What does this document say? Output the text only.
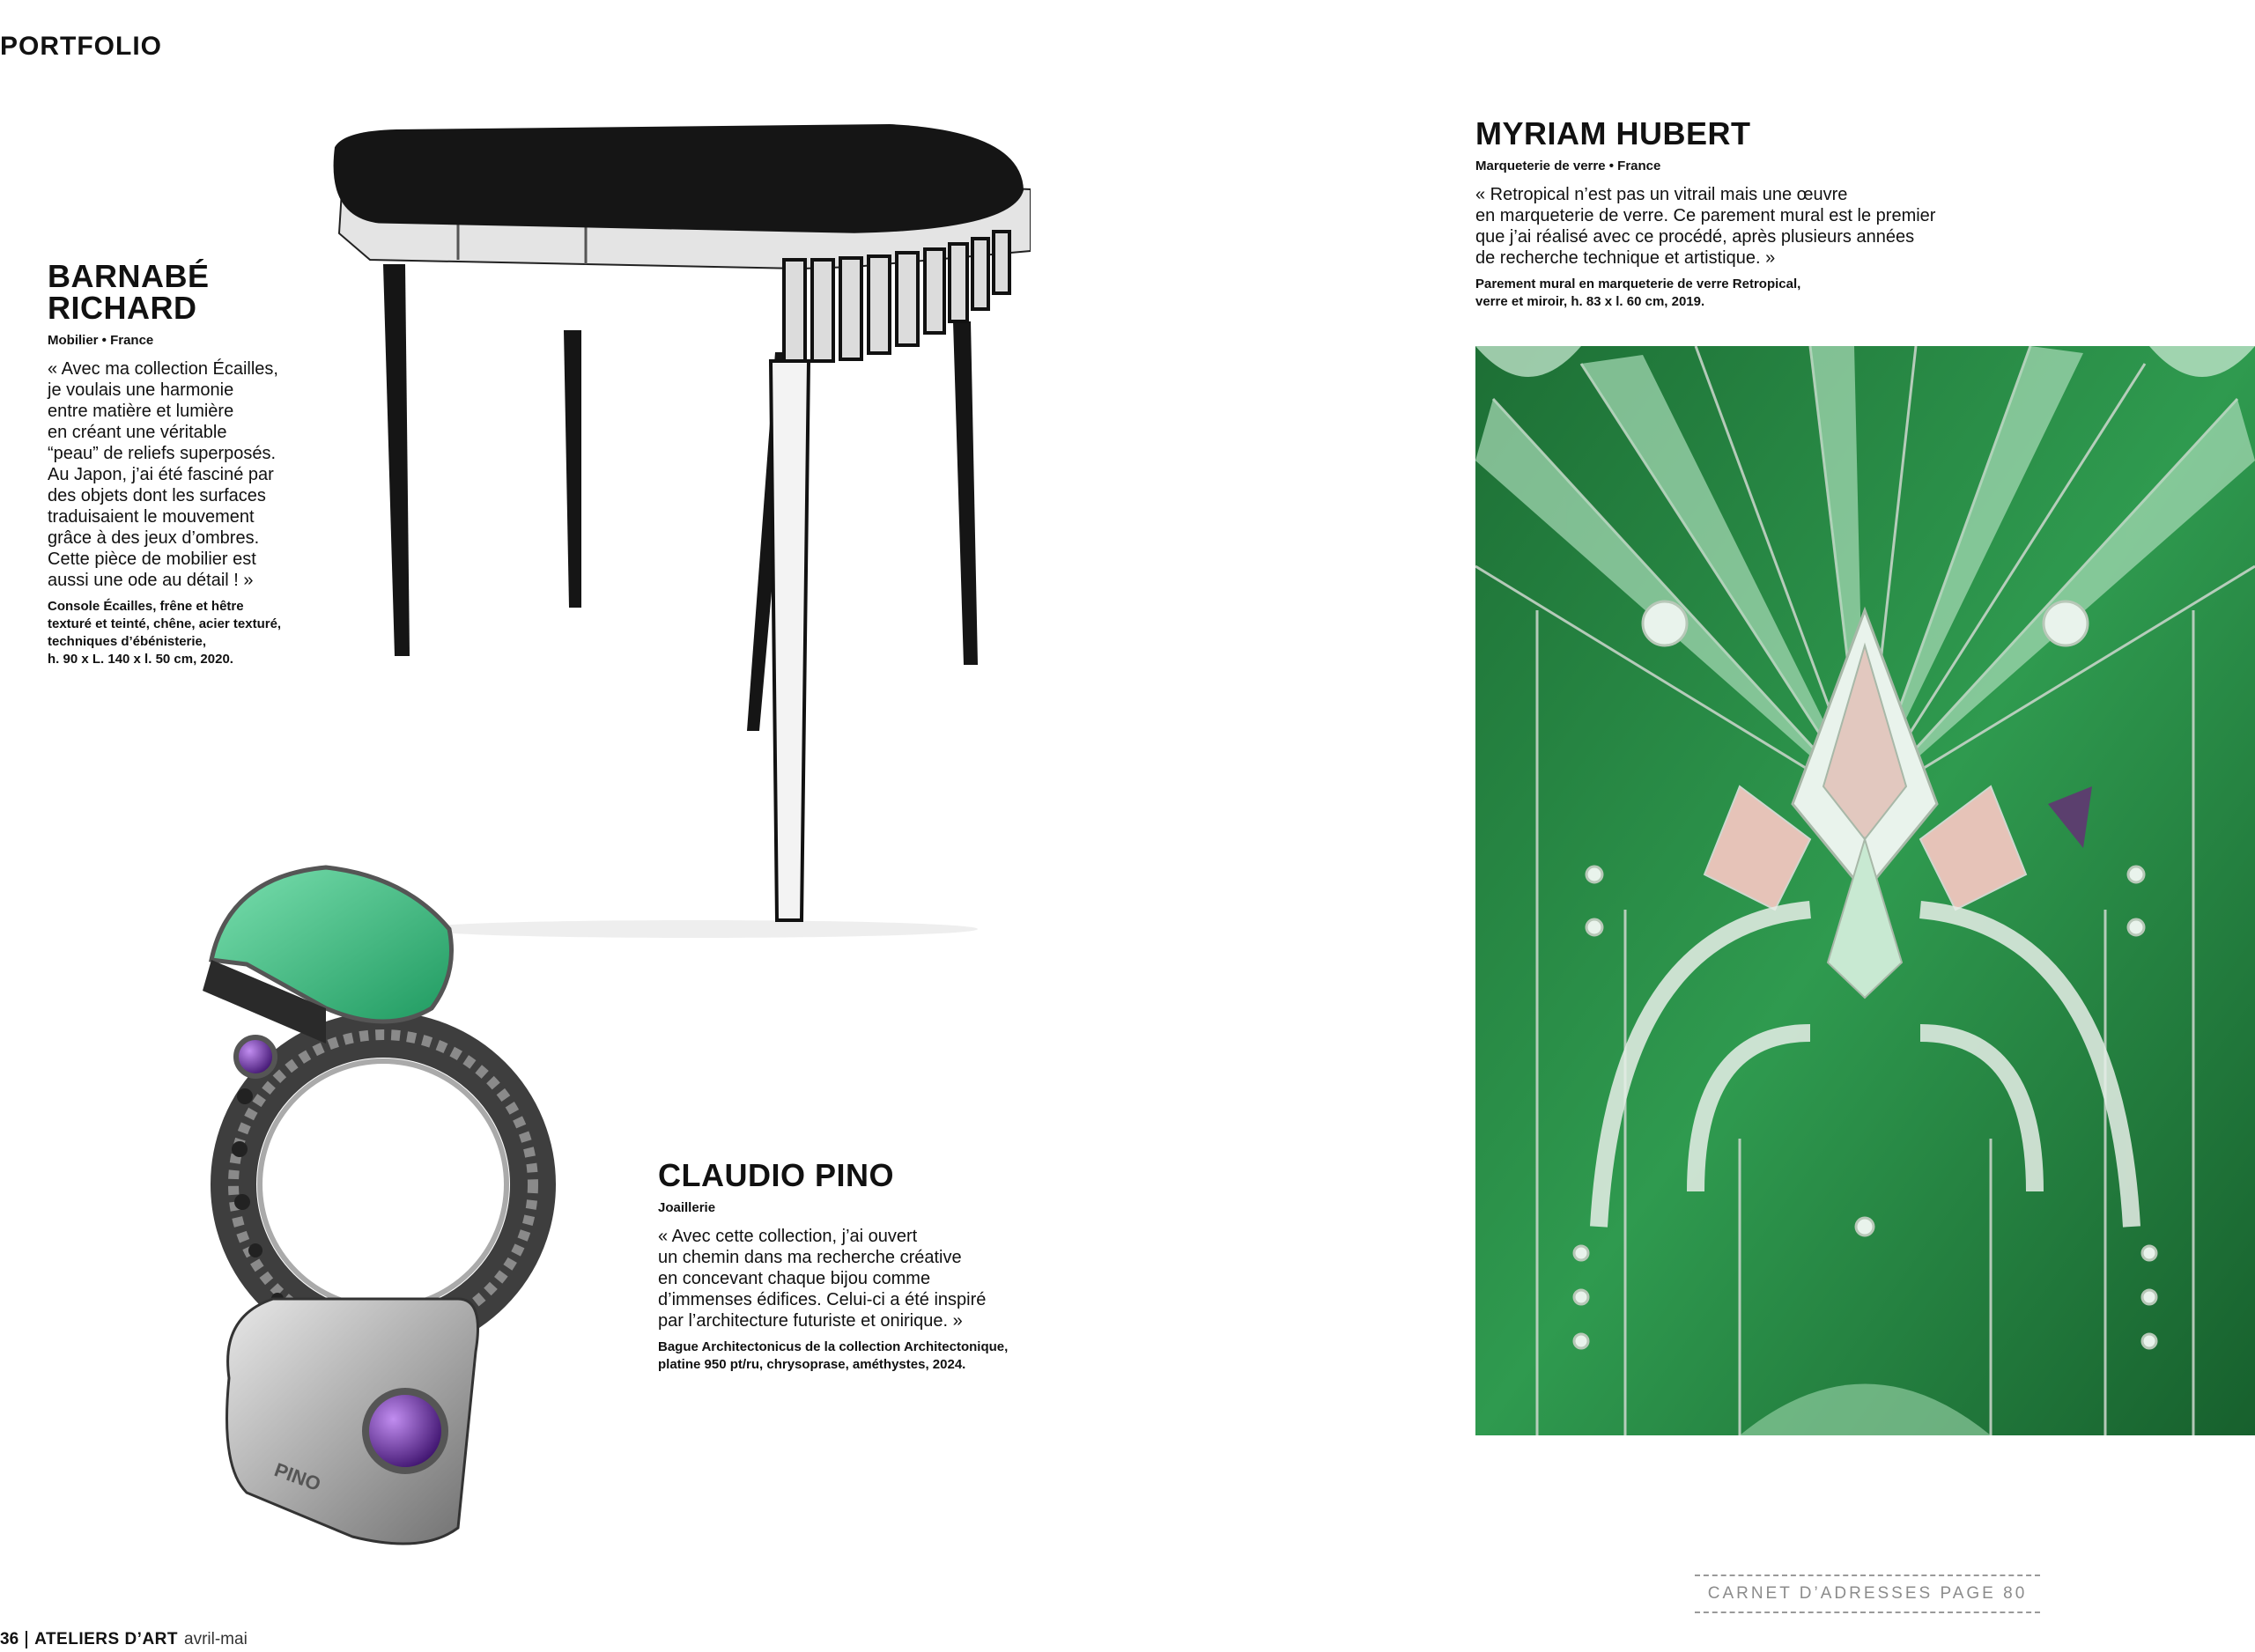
PORTFOLIO
BARNABÉ
RICHARD
Mobilier • France

« Avec ma collection Écailles,

je voulais une harmonie

entre matière et lumière

en créant une véritable

“peau” de reliefs superposés.

Au Japon, j’ai été fasciné par

des objets dont les surfaces

traduisaient le mouvement

grâce à des jeux d’ombres.

Cette pièce de mobilier est

aussi une ode au détail ! »

Console Écailles, frêne et hêtre

texturé et teinté, chêne, acier texturé,

techniques d’ébénisterie,

h. 90 x L. 140 x l. 50 cm, 2020.

MYRIAM HUBERT
Marqueterie de verre • France

« Retropical n’est pas un vitrail mais une œuvre

en marqueterie de verre. Ce parement mural est le premier

que j’ai réalisé avec ce procédé, après plusieurs années

de recherche technique et artistique. »

Parement mural en marqueterie de verre Retropical,

verre et miroir, h. 83 x l. 60 cm, 2019.

PINO
CLAUDIO PINO
Joaillerie

« Avec cette collection, j’ai ouvert

un chemin dans ma recherche créative

en concevant chaque bijou comme

d’immenses édifices. Celui-ci a été inspiré

par l’architecture futuriste et onirique. »

Bague Architectonicus de la collection Architectonique,

platine 950 pt/ru, chrysoprase, améthystes, 2024.

CARNET D’ADRESSES PAGE 80
36 ATELIERS D’ART avril-mai
